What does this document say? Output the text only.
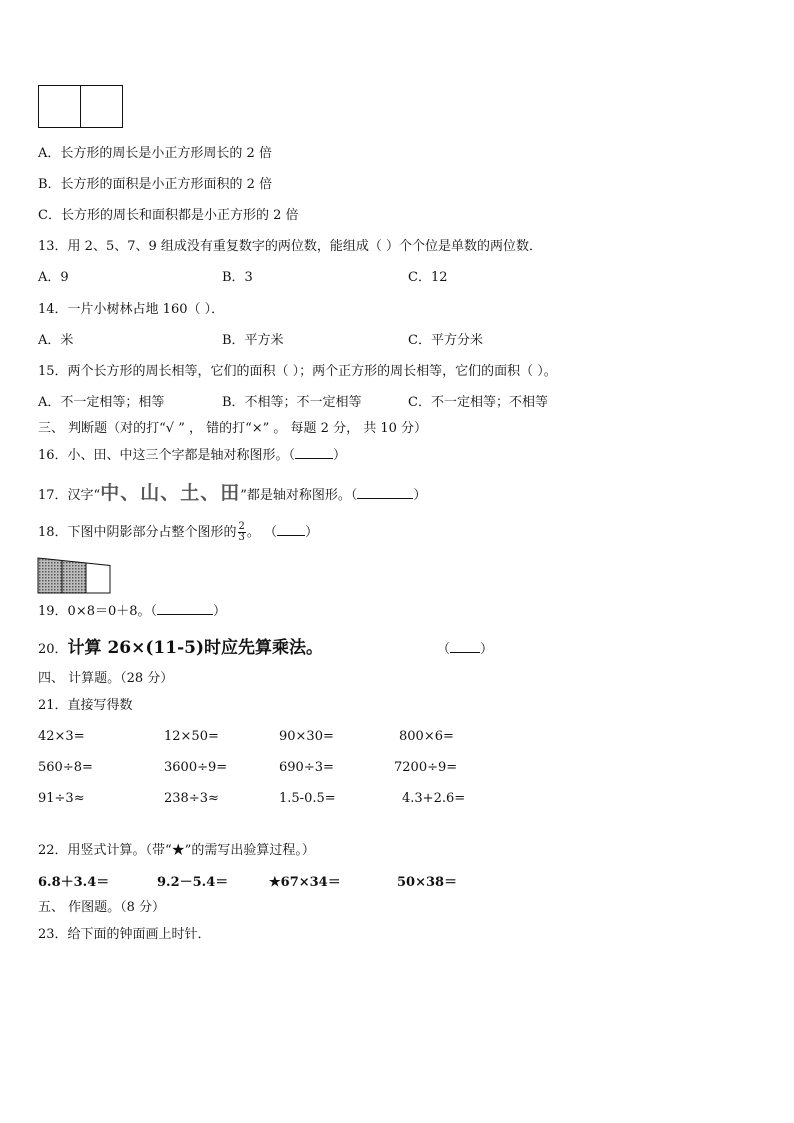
A．长方形的周长是小正方形周长的 2 倍
B．长方形的面积是小正方形面积的 2 倍
C．长方形的周长和面积都是小正方形的 2 倍
13．用 2、5、7、9 组成没有重复数字的两位数，能组成（ ）个个位是单数的两位数．
A．9	B．3	C．12
14．一片小树林占地 160（ ）．
A．米	B．平方米	C．平方分米
15．两个长方形的周长相等，它们的面积（ ）；两个正方形的周长相等，它们的面积（ ）。
A．不一定相等；相等	B．不相等；不一定相等	C．不一定相等；不相等
三、 判断题（对的打“√ ” ， 错的打“×” 。 每题 2 分， 共 10 分）
16．小、田、中这三个字都是轴对称图形。（	）
17．汉字“中、山、土、田”都是轴对称图形。（	）
18．下图中阴影部分占整个图形的 $\frac{2}{3}$ 。 （ ）
19．0×8＝0＋8。（	）
20．计算 26×(11-5)时应先算乘法。	（ ）
四、 计算题。（28 分）
21．直接写得数
42×3=	12×50=	90×30=	800×6=
560÷8=	3600÷9=	690÷3=	7200÷9=
91÷3≈	238÷3≈	1.5-0.5=	4.3+2.6=
22．用竖式计算。（带“★”的需写出验算过程。）
6.8＋3.4＝	9.2－5.4＝	★67×34＝	50×38＝
五、 作图题。（8 分）
23．给下面的钟面画上时针．
